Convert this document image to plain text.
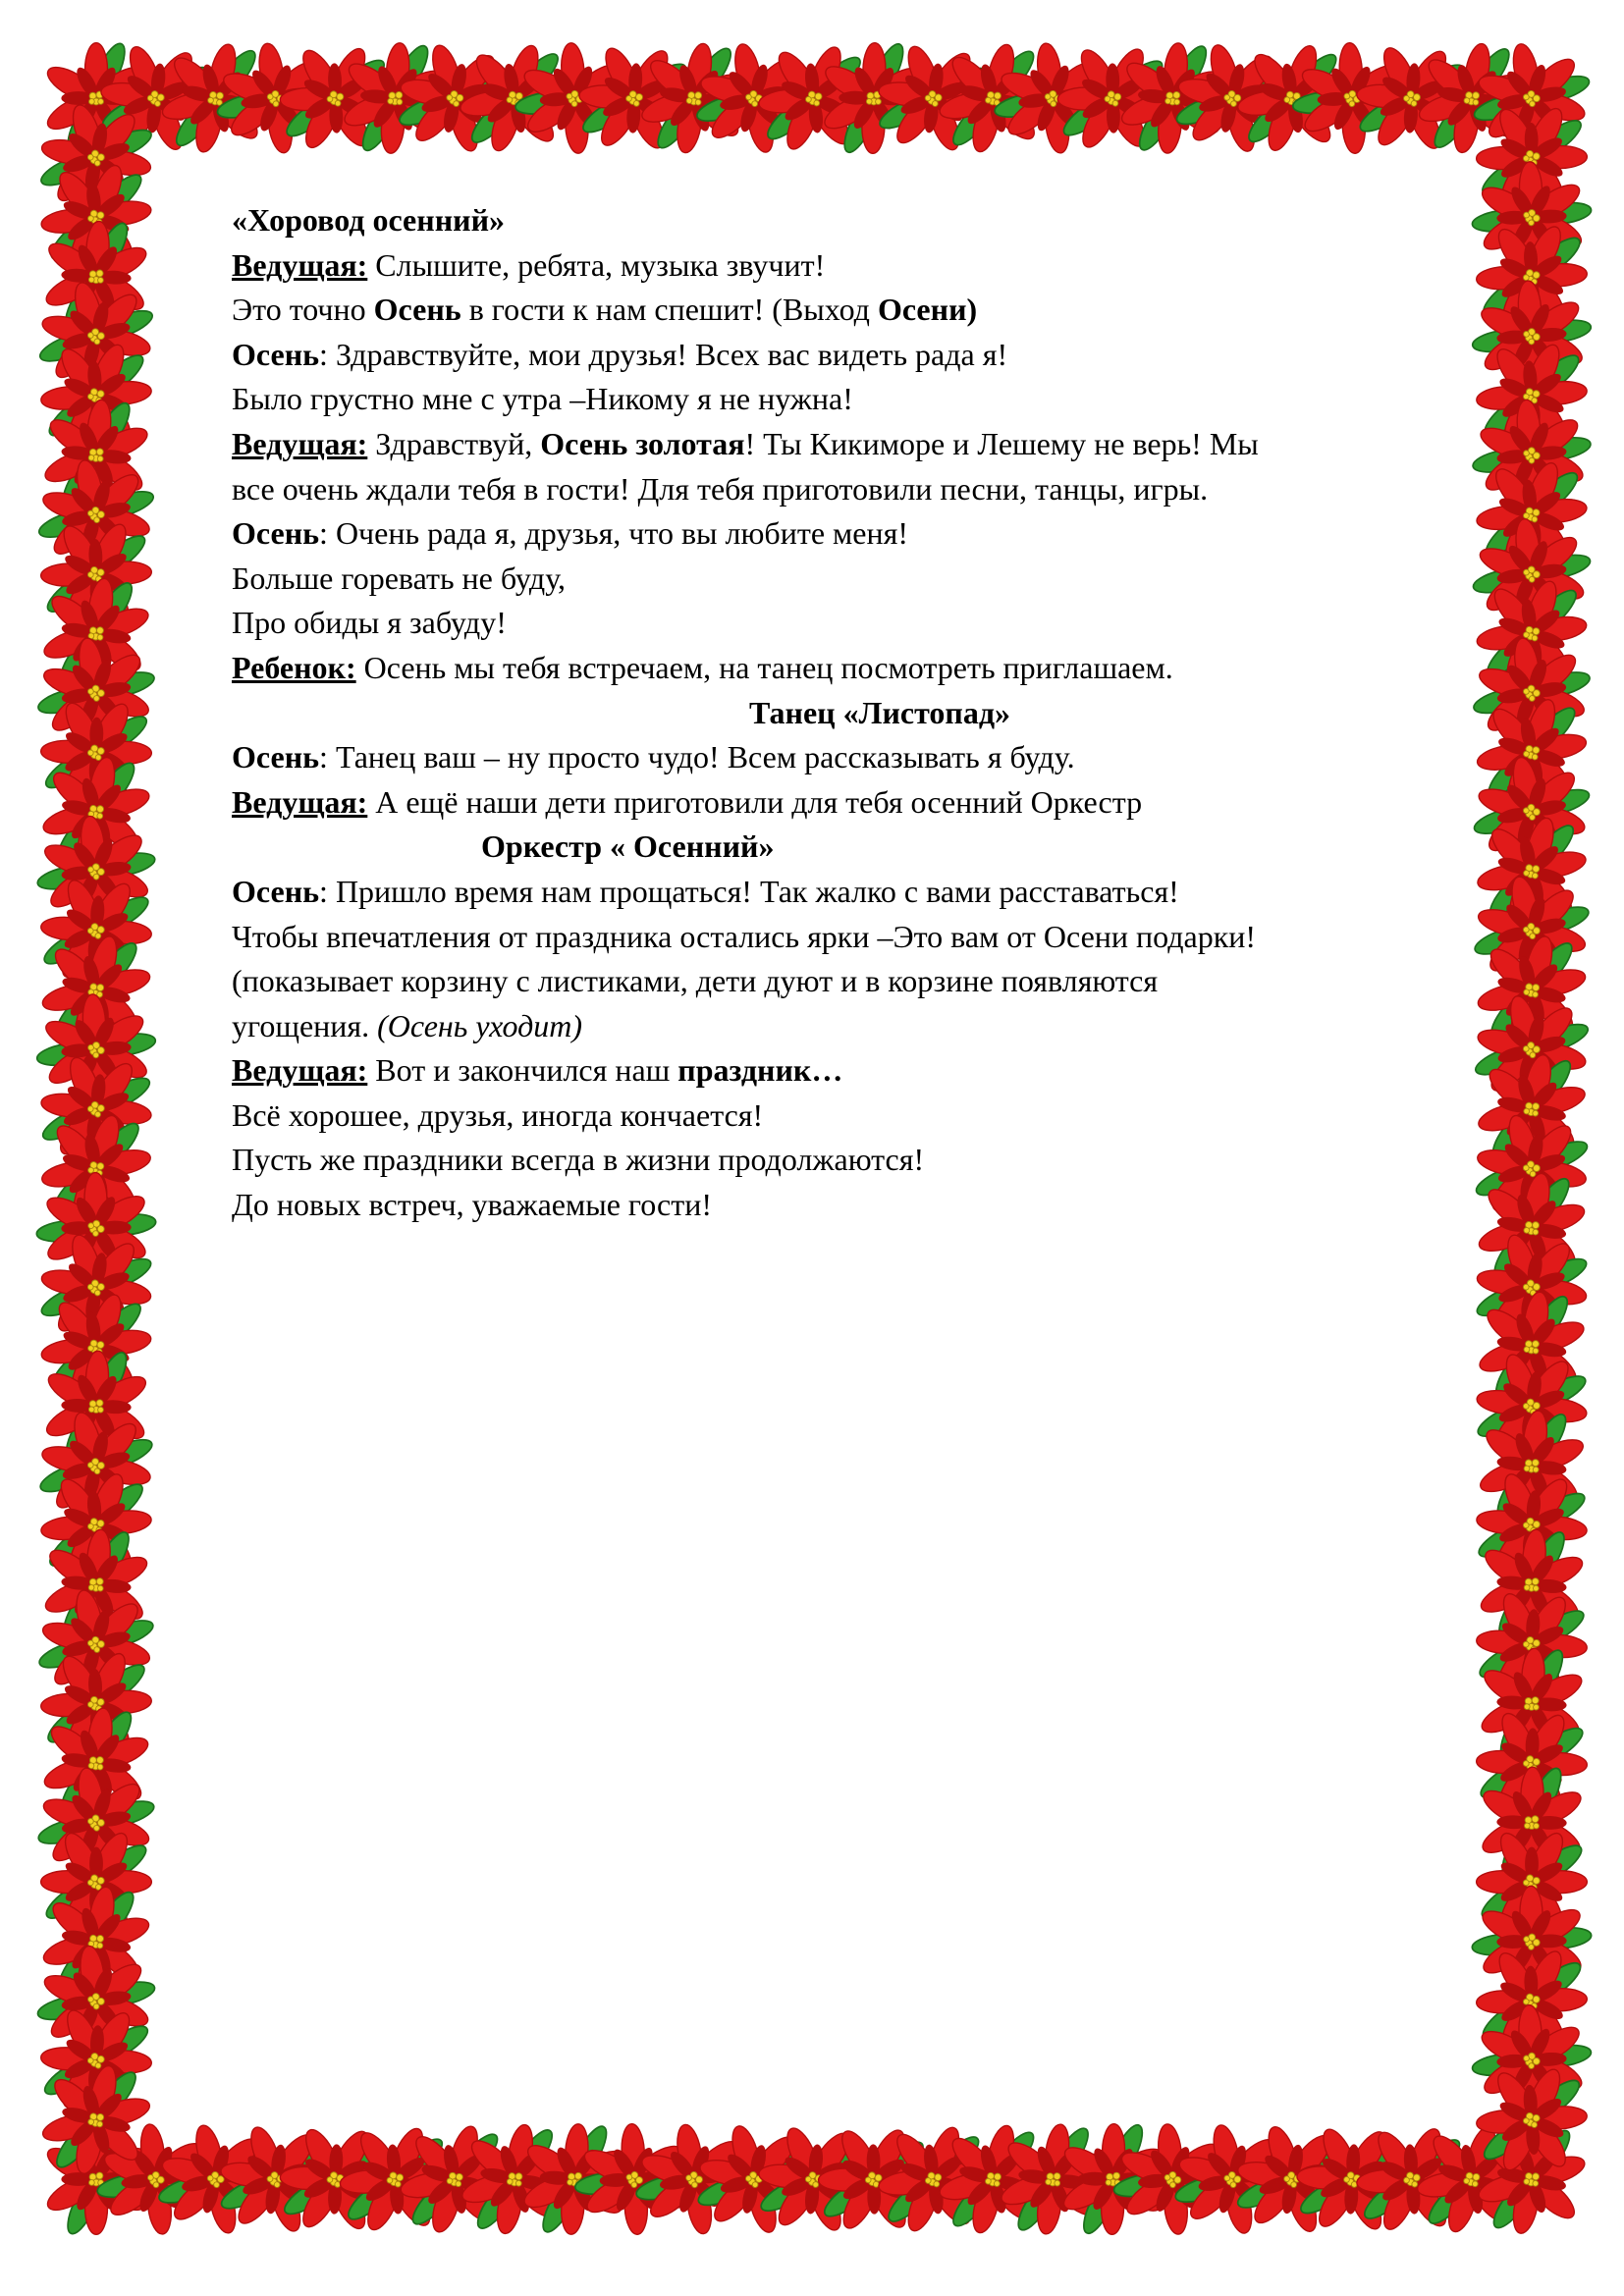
«Хоровод осенний»

Ведущая: Слышите, ребята, музыка звучит!

Это точно Осень в гости к нам спешит! (Выход Осени)

Осень: Здравствуйте, мои друзья! Всех вас видеть рада я!

Было грустно мне с утра –Никому я не нужна!

Ведущая: Здравствуй, Осень золотая! Ты Кикиморе и Лешему не верь! Мы

все очень ждали тебя в гости! Для тебя приготовили песни, танцы, игры.

Осень: Очень рада я, друзья, что вы любите меня!

Больше горевать не буду,

Про обиды я забуду!

Ребенок: Осень мы тебя встречаем, на танец посмотреть приглашаем.

Танец «Листопад»

Осень: Танец ваш – ну просто чудо! Всем рассказывать я буду.

Ведущая: А ещё наши дети приготовили для тебя осенний Оркестр

Оркестр « Осенний»

Осень: Пришло время нам прощаться! Так жалко с вами расставаться!

Чтобы впечатления от праздника остались ярки –Это вам от Осени подарки!

(показывает корзину с листиками, дети дуют и в корзине появляются

угощения. (Осень уходит)

Ведущая: Вот и закончился наш праздник…

Всё хорошее, друзья, иногда кончается!

Пусть же праздники всегда в жизни продолжаются!

До новых встреч, уважаемые гости!
